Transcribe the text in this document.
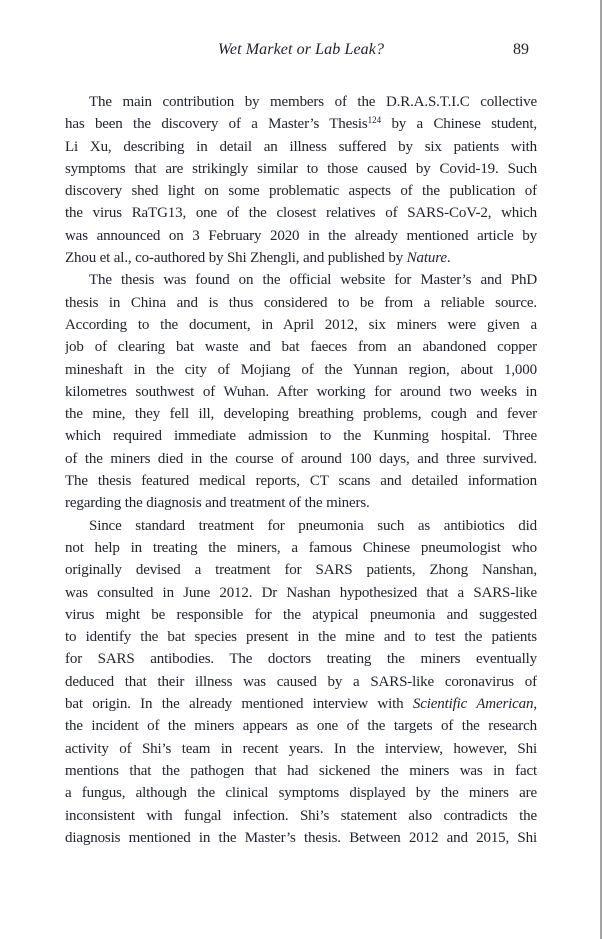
Wet Market or Lab Leak?	89
The main contribution by members of the D.R.A.S.T.I.C collective
has been the discovery of a Master’s Thesis$^{124}$ by a Chinese student,
Li Xu, describing in detail an illness suffered by six patients with
symptoms that are strikingly similar to those caused by Covid-19. Such
discovery shed light on some problematic aspects of the publication of
the virus RaTG13, one of the closest relatives of SARS-CoV-2, which
was announced on 3 February 2020 in the already mentioned article by
Zhou et al., co-authored by Shi Zhengli, and published by Nature.
The thesis was found on the official website for Master’s and PhD
thesis in China and is thus considered to be from a reliable source.
According to the document, in April 2012, six miners were given a
job of clearing bat waste and bat faeces from an abandoned copper
mineshaft in the city of Mojiang of the Yunnan region, about 1,000
kilometres southwest of Wuhan. After working for around two weeks in
the mine, they fell ill, developing breathing problems, cough and fever
which required immediate admission to the Kunming hospital. Three
of the miners died in the course of around 100 days, and three survived.
The thesis featured medical reports, CT scans and detailed information
regarding the diagnosis and treatment of the miners.
Since standard treatment for pneumonia such as antibiotics did
not help in treating the miners, a famous Chinese pneumologist who
originally devised a treatment for SARS patients, Zhong Nanshan,
was consulted in June 2012. Dr Nashan hypothesized that a SARS-like
virus might be responsible for the atypical pneumonia and suggested
to identify the bat species present in the mine and to test the patients
for SARS antibodies. The doctors treating the miners eventually
deduced that their illness was caused by a SARS-like coronavirus of
bat origin. In the already mentioned interview with Scientific American,
the incident of the miners appears as one of the targets of the research
activity of Shi’s team in recent years. In the interview, however, Shi
mentions that the pathogen that had sickened the miners was in fact
a fungus, although the clinical symptoms displayed by the miners are
inconsistent with fungal infection. Shi’s statement also contradicts the
diagnosis mentioned in the Master’s thesis. Between 2012 and 2015, Shi
